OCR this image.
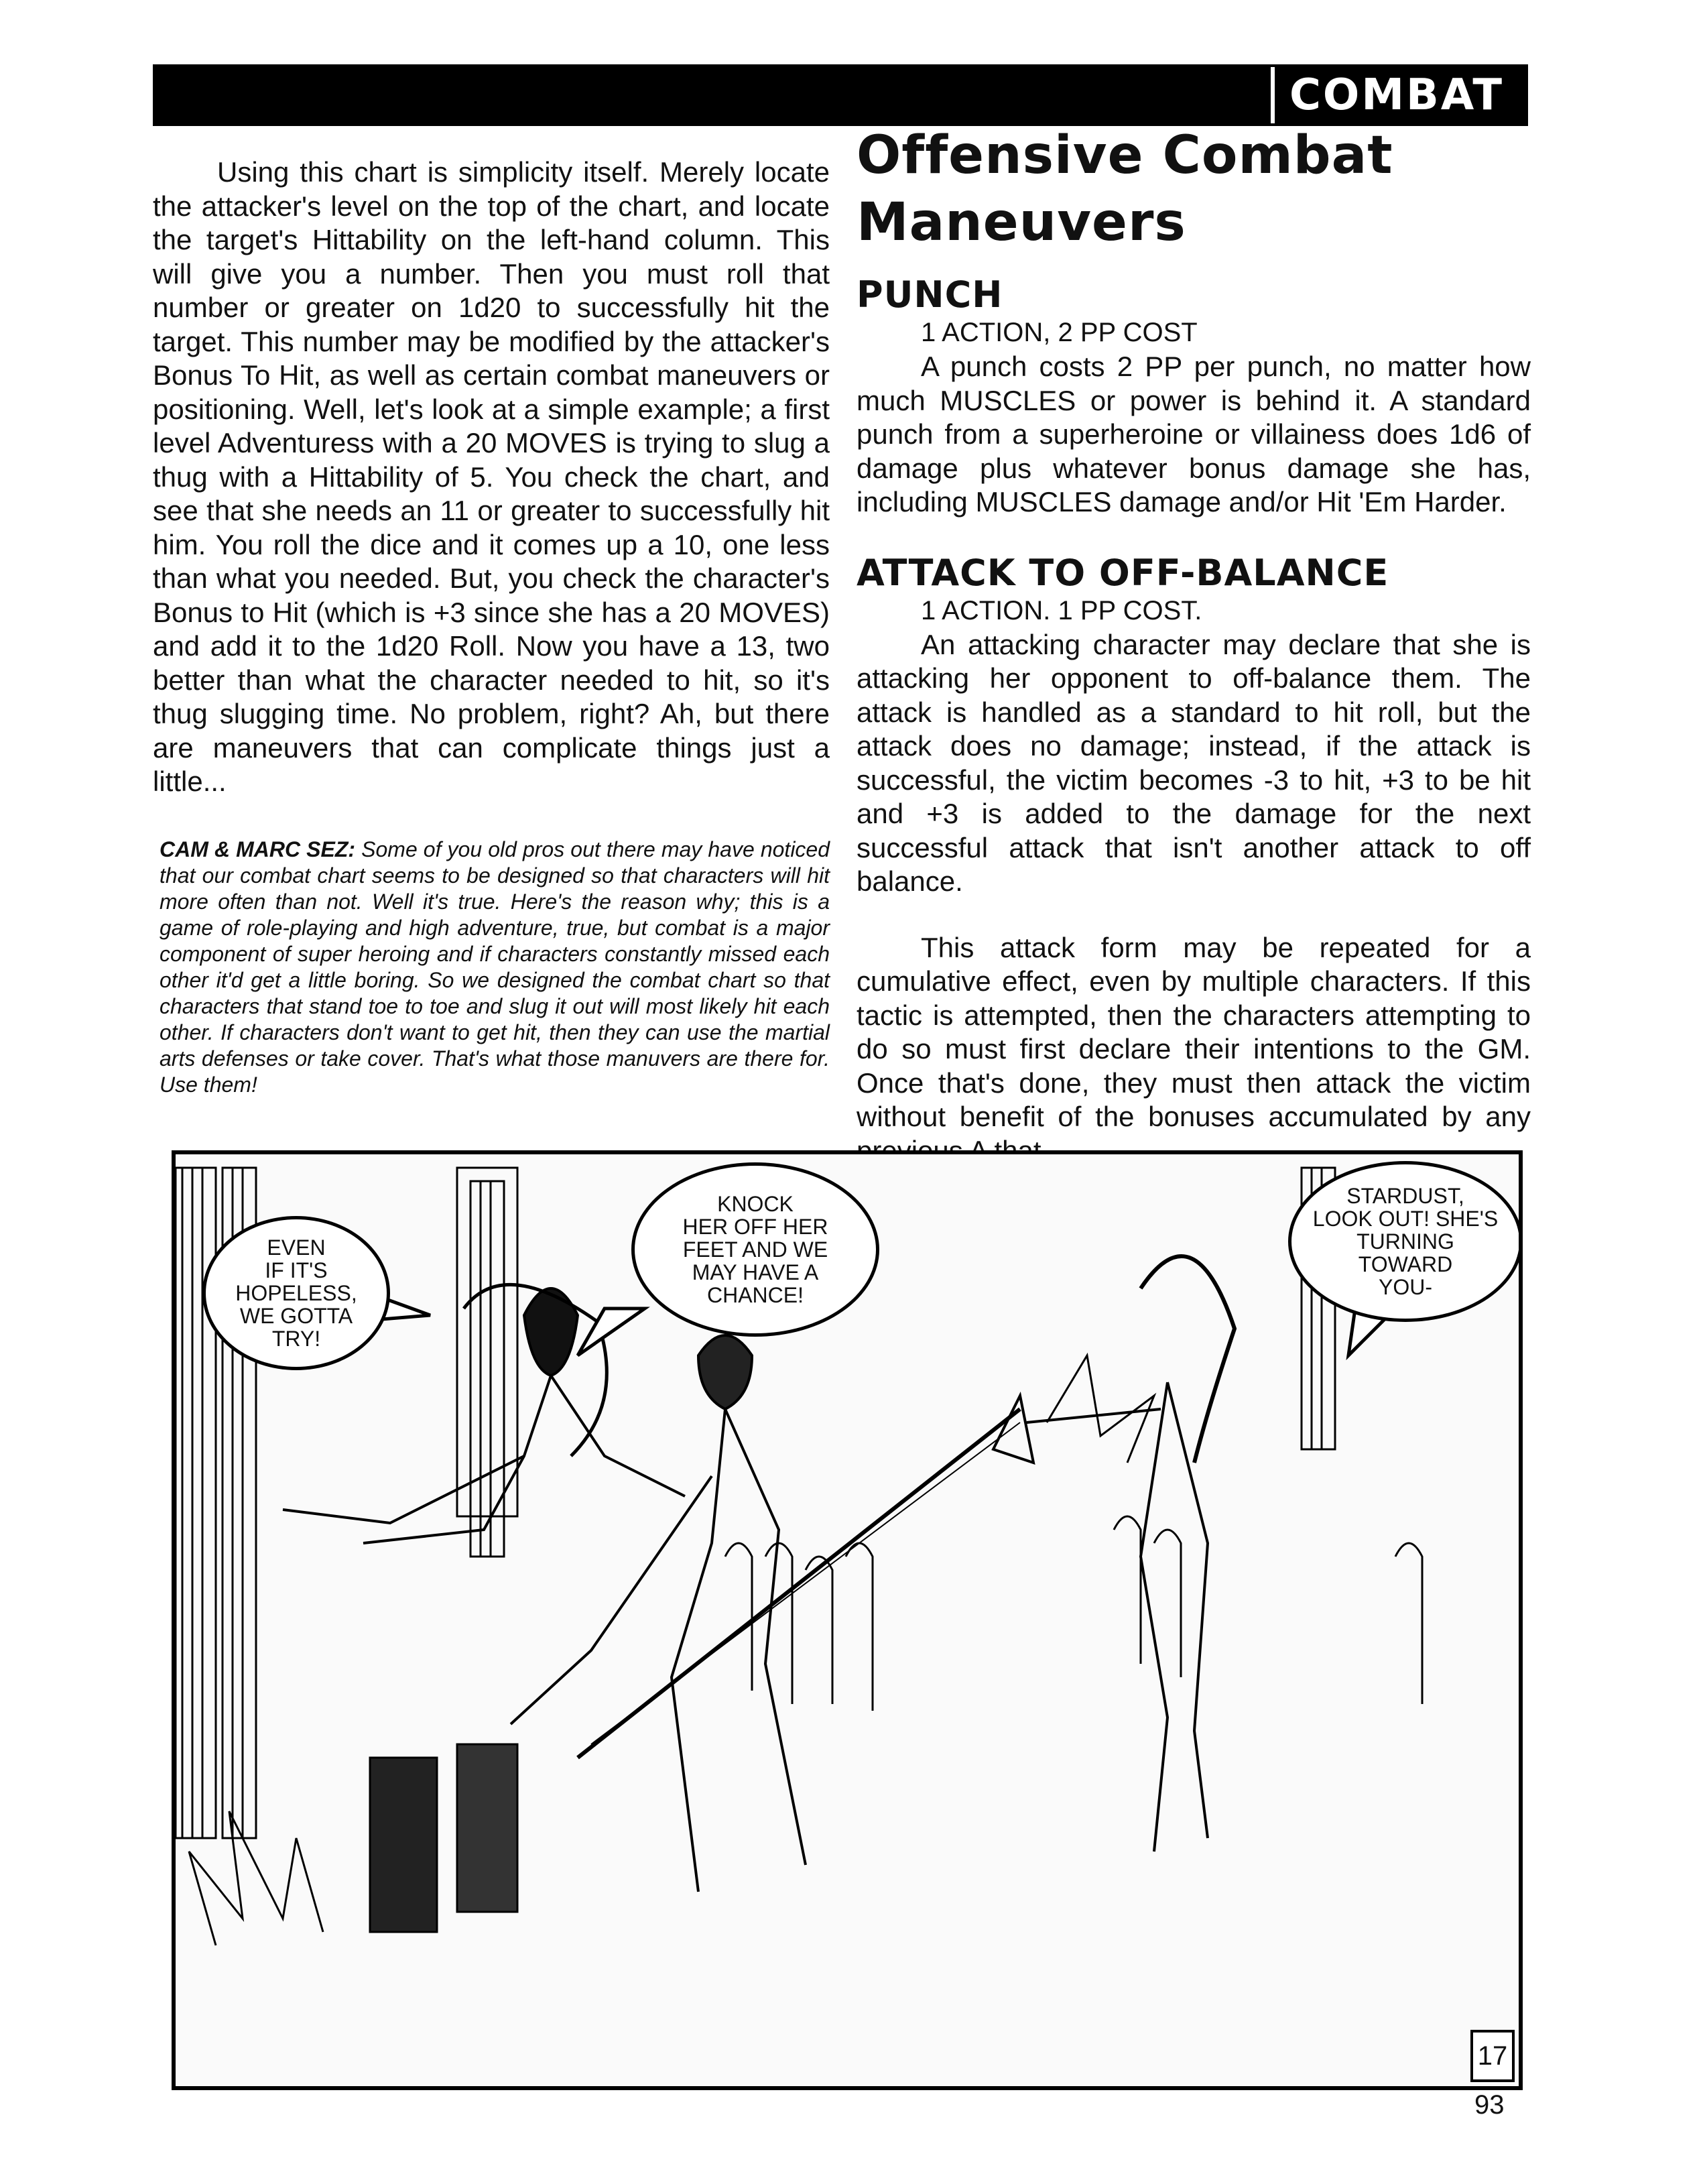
COMBAT

Using this chart is simplicity itself. Merely locate the attacker's level on the top of the chart, and locate the target's Hittability on the left-hand column. This will give you a number. Then you must roll that number or greater on 1d20 to successfully hit the target. This number may be modified by the attacker's Bonus To Hit, as well as certain combat maneuvers or positioning. Well, let's look at a simple example; a first level Adventuress with a 20 MOVES is trying to slug a thug with a Hittability of 5. You check the chart, and see that she needs an 11 or greater to successfully hit him. You roll the dice and it comes up a 10, one less than what you needed. But, you check the character's Bonus to Hit (which is +3 since she has a 20 MOVES) and add it to the 1d20 Roll. Now you have a 13, two better than what the character needed to hit, so it's thug slugging time. No problem, right? Ah, but there are maneuvers that can complicate things just a little...

CAM & MARC SEZ: Some of you old pros out there may have noticed that our combat chart seems to be designed so that characters will hit more often than not. Well it's true. Here's the reason why; this is a game of role-playing and high adventure, true, but combat is a major component of super heroing and if characters constantly missed each other it'd get a little boring. So we designed the combat chart so that characters that stand toe to toe and slug it out will most likely hit each other. If characters don't want to get hit, then they can use the martial arts defenses or take cover. That's what those manuvers are there for. Use them!

Offensive Combat Maneuvers
PUNCH

1 ACTION, 2 PP COST

A punch costs 2 PP per punch, no matter how much MUSCLES or power is behind it. A standard punch from a superheroine or villainess does 1d6 of damage plus whatever bonus damage she has, including MUSCLES damage and/or Hit 'Em Harder.

ATTACK TO OFF-BALANCE

1 ACTION. 1 PP COST.

An attacking character may declare that she is attacking her opponent to off-balance them. The attack is handled as a standard to hit roll, but the attack does no damage; instead, if the attack is successful, the victim becomes -3 to hit, +3 to be hit and +3 is added to the damage for the next successful attack that isn't another attack to off balance.

This attack form may be repeated for a cumulative effect, even by multiple characters. If this tactic is attempted, then the characters attempting to do so must first declare their intentions to the GM. Once that's done, they must then attack the victim without benefit of the bonuses accumulated by any

EVEN
IF IT'S
HOPELESS,
WE GOTTA
TRY!
KNOCK
HER OFF HER
FEET AND WE
MAY HAVE A
CHANCE!
STARDUST,
LOOK OUT! SHE'S
TURNING
TOWARD
YOU-
17
93
